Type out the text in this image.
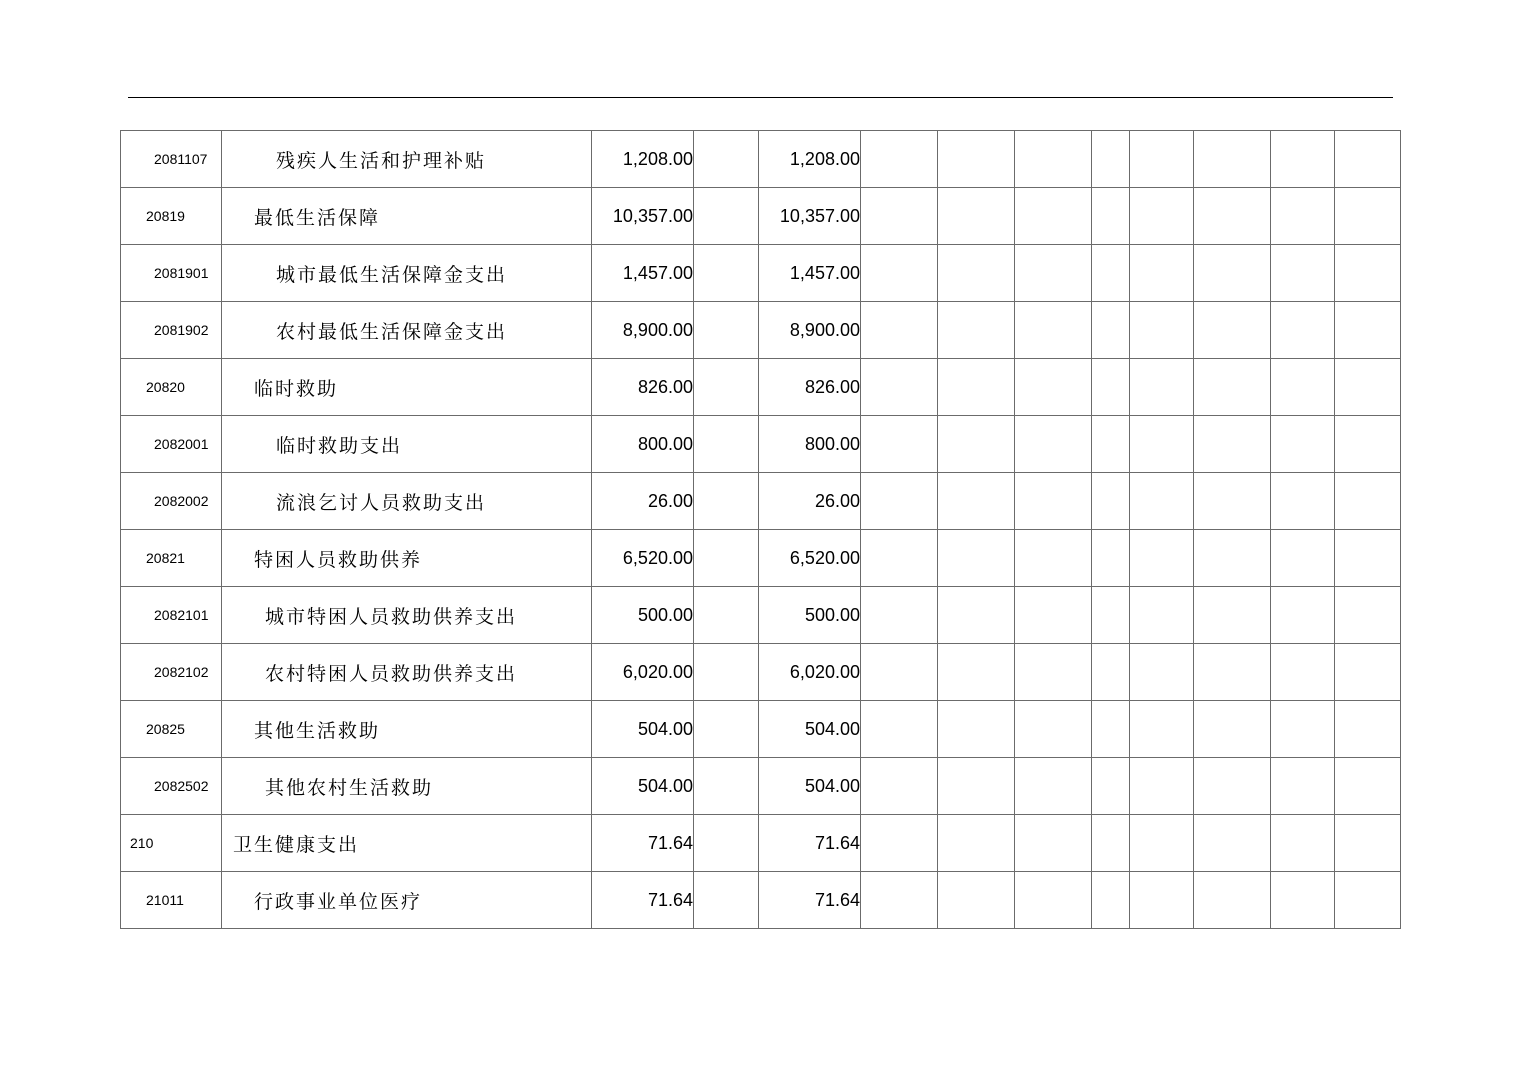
2081107	残疾人生活和护理补贴	1,208.00		1,208.00								
20819	最低生活保障	10,357.00		10,357.00								
2081901	城市最低生活保障金支出	1,457.00		1,457.00								
2081902	农村最低生活保障金支出	8,900.00		8,900.00								
20820	临时救助	826.00		826.00								
2082001	临时救助支出	800.00		800.00								
2082002	流浪乞讨人员救助支出	26.00		26.00								
20821	特困人员救助供养	6,520.00		6,520.00								
2082101	城市特困人员救助供养支出	500.00		500.00								
2082102	农村特困人员救助供养支出	6,020.00		6,020.00								
20825	其他生活救助	504.00		504.00								
2082502	其他农村生活救助	504.00		504.00								
210	卫生健康支出	71.64		71.64								
21011	行政事业单位医疗	71.64		71.64								
